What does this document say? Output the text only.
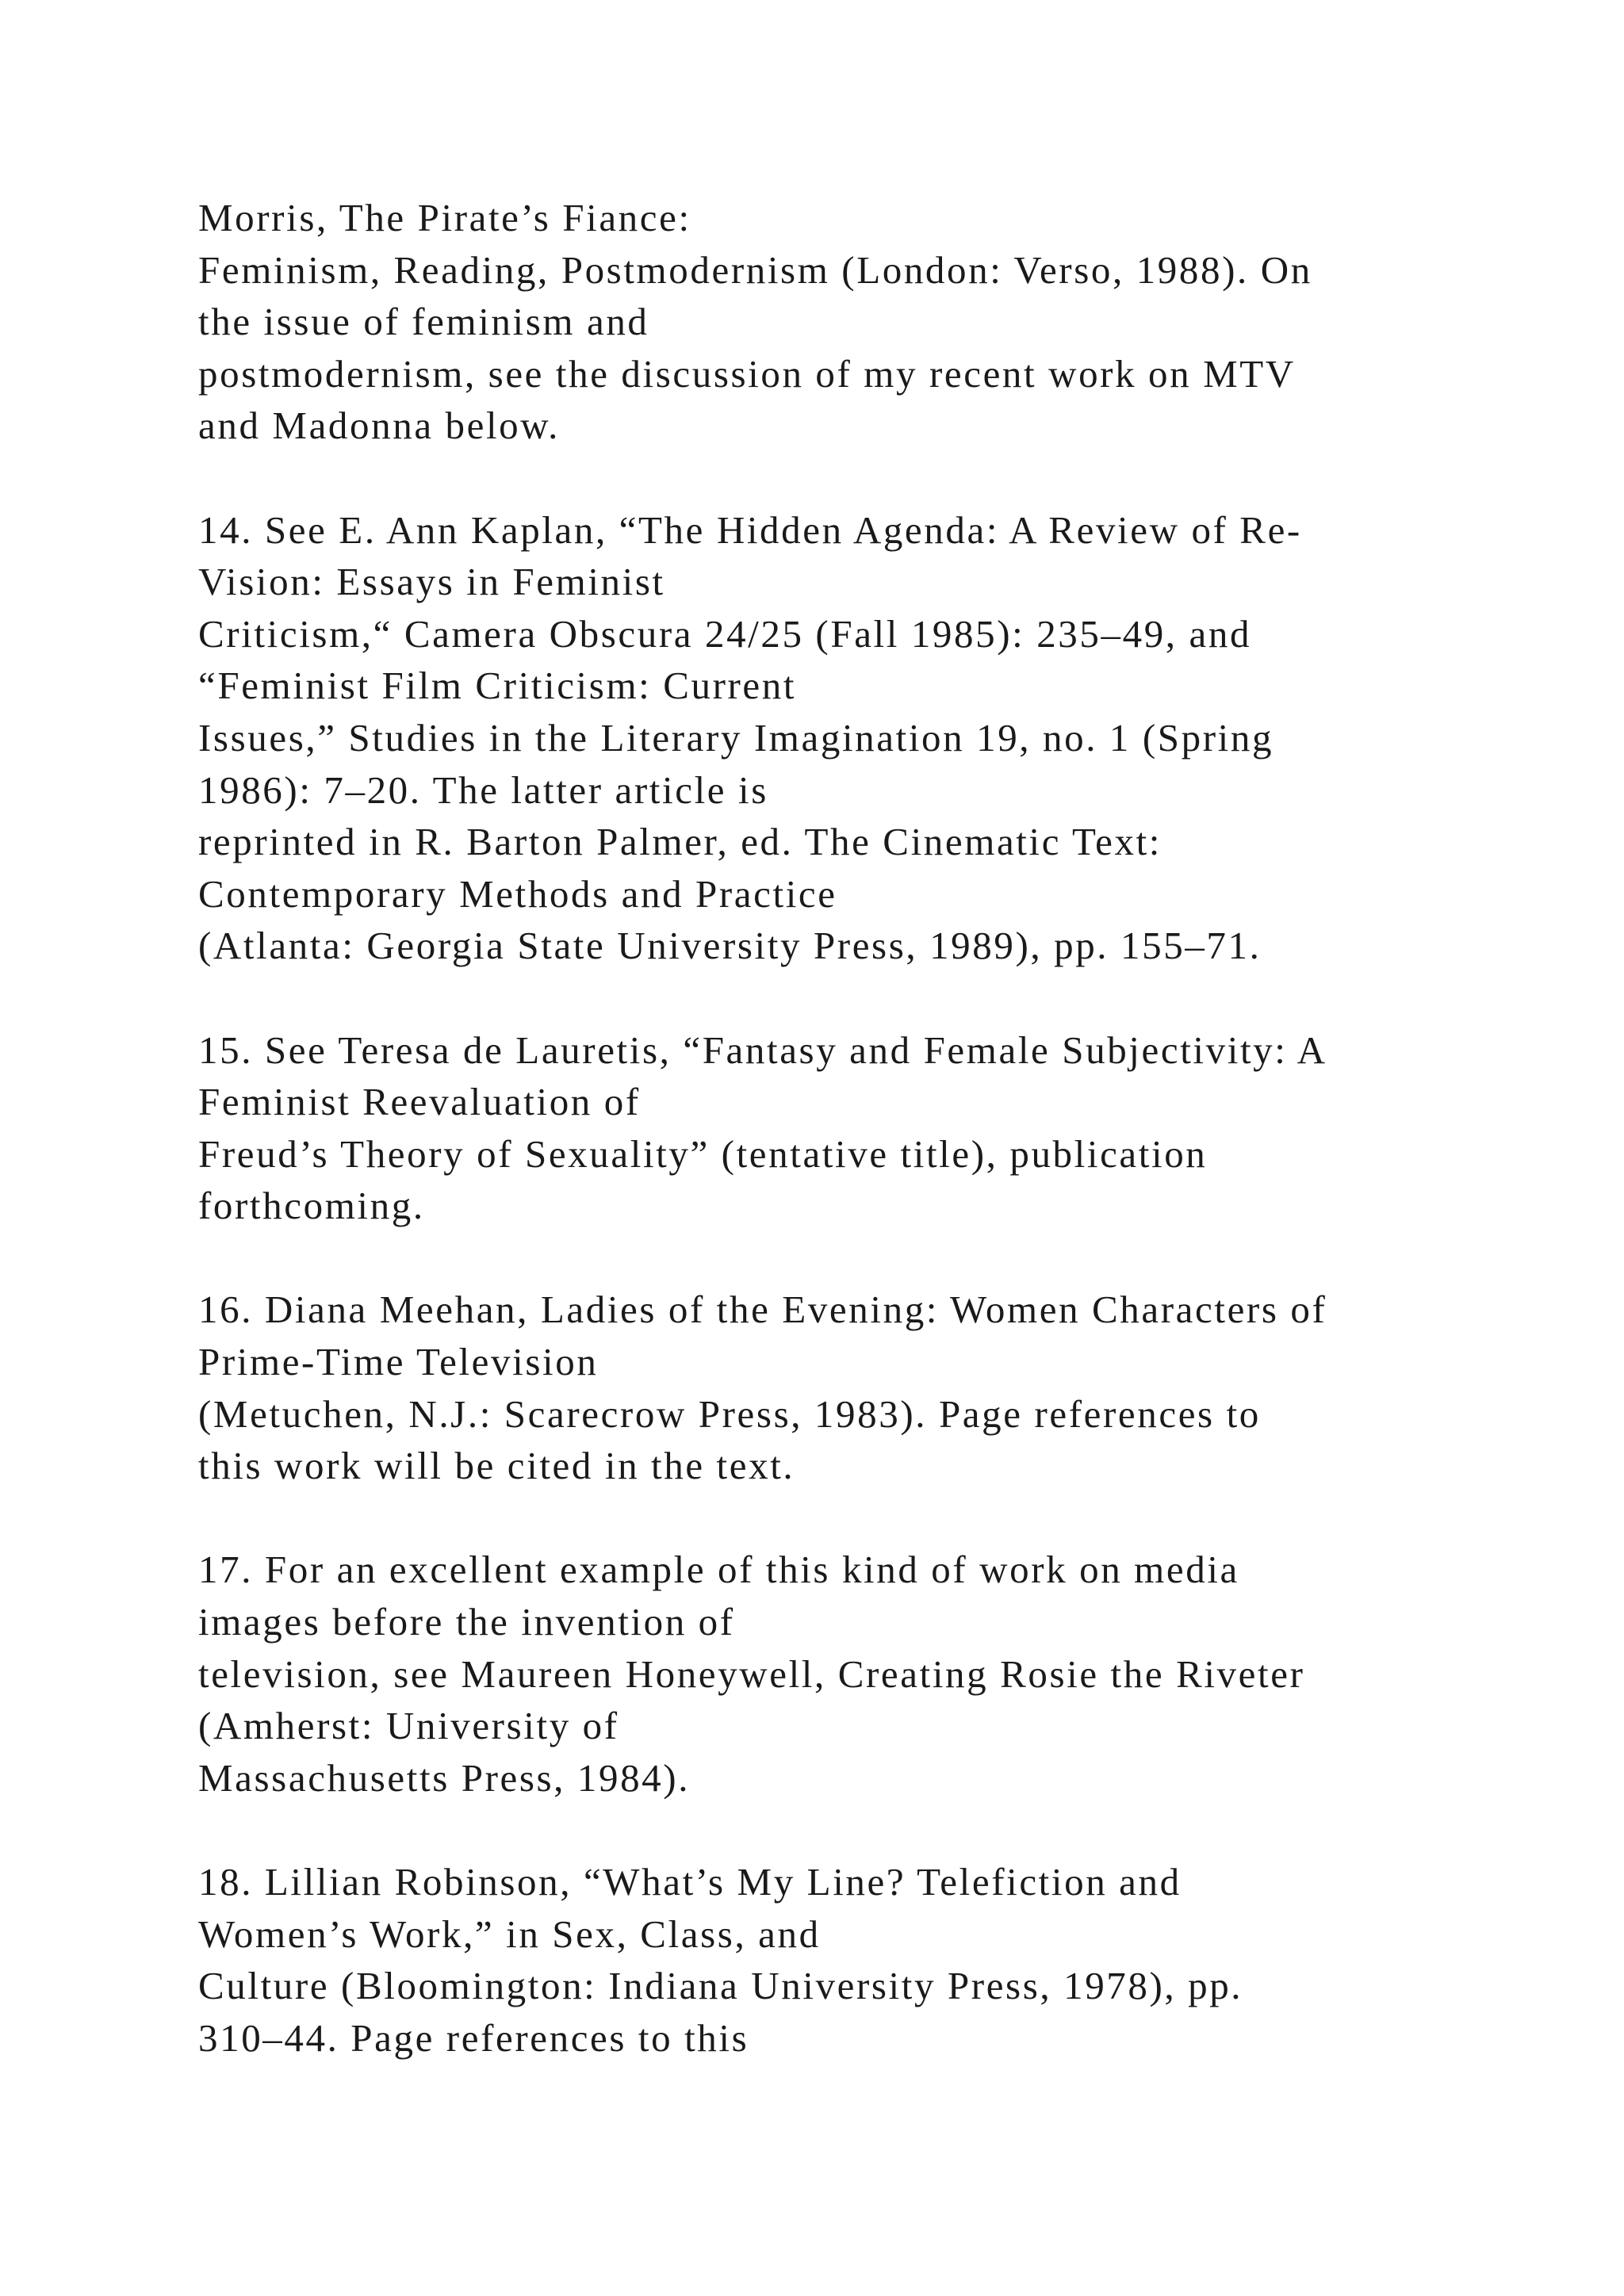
Morris, The Pirate’s Fiance:
Feminism, Reading, Postmodernism (London: Verso, 1988). On
the issue of feminism and
postmodernism, see the discussion of my recent work on MTV
and Madonna below.

14. See E. Ann Kaplan, “The Hidden Agenda: A Review of Re-
Vision: Essays in Feminist
Criticism,“ Camera Obscura 24/25 (Fall 1985): 235–49, and
“Feminist Film Criticism: Current
Issues,” Studies in the Literary Imagination 19, no. 1 (Spring
1986): 7–20. The latter article is
reprinted in R. Barton Palmer, ed. The Cinematic Text:
Contemporary Methods and Practice
(Atlanta: Georgia State University Press, 1989), pp. 155–71.

15. See Teresa de Lauretis, “Fantasy and Female Subjectivity: A
Feminist Reevaluation of
Freud’s Theory of Sexuality” (tentative title), publication
forthcoming.

16. Diana Meehan, Ladies of the Evening: Women Characters of
Prime-Time Television
(Metuchen, N.J.: Scarecrow Press, 1983). Page references to
this work will be cited in the text.

17. For an excellent example of this kind of work on media
images before the invention of
television, see Maureen Honeywell, Creating Rosie the Riveter
(Amherst: University of
Massachusetts Press, 1984).

18. Lillian Robinson, “What’s My Line? Telefiction and
Women’s Work,” in Sex, Class, and
Culture (Bloomington: Indiana University Press, 1978), pp.
310–44. Page references to this
